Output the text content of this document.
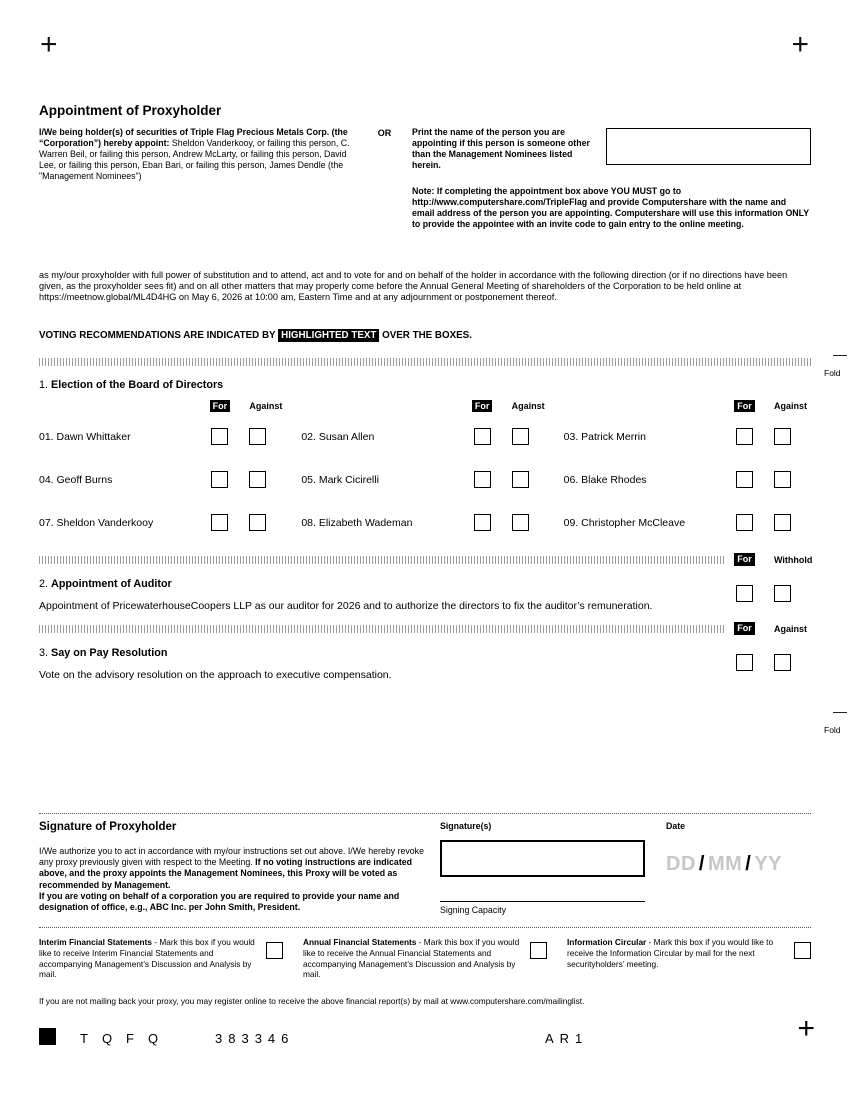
+	+
Fold
Fold
Appointment of Proxyholder

I/We being holder(s) of securities of Triple Flag Precious Metals Corp. (the “Corporation”) hereby appoint: Sheldon Vanderkooy, or failing this person, C. Warren Beil, or failing this person, Andrew McLarty, or failing this person, David Lee, or failing this person, Eban Bari, or failing this person, James Dendle (the "Management Nominees")

OR	Print the name of the person you are appointing if this person is someone other than the Management Nominees listed herein.

Note: If completing the appointment box above YOU MUST go to http://www.computershare.com/TripleFlag and provide Computershare with the name and email address of the person you are appointing. Computershare will use this information ONLY to provide the appointee with an invite code to gain entry to the online meeting.

as my/our proxyholder with full power of substitution and to attend, act and to vote for and on behalf of the holder in accordance with the following direction (or if no directions have been given, as the proxyholder sees fit) and on all other matters that may properly come before the Annual General Meeting of shareholders of the Corporation to be held online at https://meetnow.global/ML4D4HG on May 6, 2026 at 10:00 am, Eastern Time and at any adjournment or postponement thereof.

VOTING RECOMMENDATIONS ARE INDICATED BY HIGHLIGHTED TEXT OVER THE BOXES.

1. Election of the Board of Directors
For	Against	For	Against	For	Against
01. Dawn Whittaker	02. Susan Allen	03. Patrick Merrin
04. Geoff Burns	05. Mark Cicirelli	06. Blake Rhodes
07. Sheldon Vanderkooy	08. Elizabeth Wademan	09. Christopher McCleave
For	Withhold
2. Appointment of Auditor

Appointment of PricewaterhouseCoopers LLP as our auditor for 2026 and to authorize the directors to fix the auditor’s remuneration.

For	Against
3. Say on Pay Resolution

Vote on the advisory resolution on the approach to executive compensation.

Signature of Proxyholder

I/We authorize you to act in accordance with my/our instructions set out above. I/We hereby revoke any proxy previously given with respect to the Meeting. If no voting instructions are indicated above, and the proxy appoints the Management Nominees, this Proxy will be voted as recommended by Management.
If you are voting on behalf of a corporation you are required to provide your name and designation of office, e.g., ABC Inc. per John Smith, President.

Signature(s)
Signing Capacity
Date
DD / MM / YY

Interim Financial Statements - Mark this box if you would like to receive Interim Financial Statements and accompanying Management’s Discussion and Analysis by mail.

Annual Financial Statements - Mark this box if you would like to receive the Annual Financial Statements and accompanying Management’s Discussion and Analysis by mail.

Information Circular - Mark this box if you would like to receive the Information Circular by mail for the next securityholders’ meeting.

If you are not mailing back your proxy, you may register online to receive the above financial report(s) by mail at www.computershare.com/mailinglist.

TQFQ	383346	AR1	+
